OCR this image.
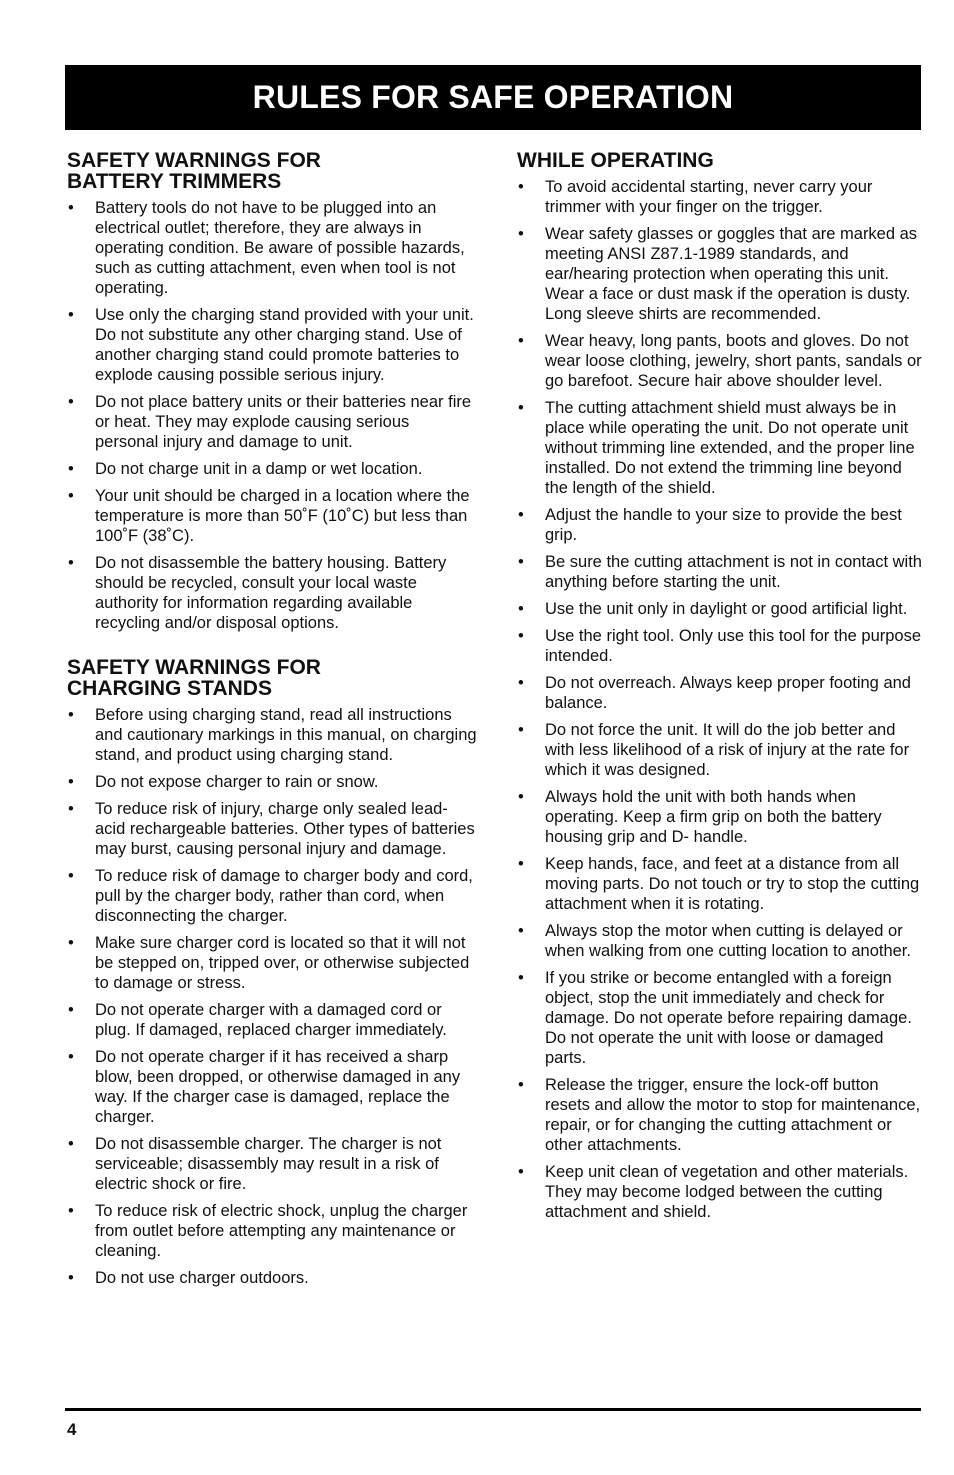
RULES FOR SAFE OPERATION
SAFETY WARNINGS FOR
BATTERY TRIMMERS
• Battery tools do not have to be plugged into an electrical outlet; therefore, they are always in operating condition. Be aware of possible hazards, such as cutting attachment, even when tool is not operating.
• Use only the charging stand provided with your unit. Do not substitute any other charging stand. Use of another charging stand could promote batteries to explode causing possible serious injury.
• Do not place battery units or their batteries near fire or heat. They may explode causing serious personal injury and damage to unit.
• Do not charge unit in a damp or wet location.
• Your unit should be charged in a location where the temperature is more than 50˚F (10˚C) but less than 100˚F (38˚C).
• Do not disassemble the battery housing. Battery should be recycled, consult your local waste authority for information regarding available recycling and/or disposal options.
SAFETY WARNINGS FOR
CHARGING STANDS
• Before using charging stand, read all instructions and cautionary markings in this manual, on charging stand, and product using charging stand.
• Do not expose charger to rain or snow.
• To reduce risk of injury, charge only sealed lead-acid rechargeable batteries. Other types of batteries may burst, causing personal injury and damage.
• To reduce risk of damage to charger body and cord, pull by the charger body, rather than cord, when disconnecting the charger.
• Make sure charger cord is located so that it will not be stepped on, tripped over, or otherwise subjected to damage or stress.
• Do not operate charger with a damaged cord or plug. If damaged, replaced charger immediately.
• Do not operate charger if it has received a sharp blow, been dropped, or otherwise damaged in any way. If the charger case is damaged, replace the charger.
• Do not disassemble charger. The charger is not serviceable; disassembly may result in a risk of electric shock or fire.
• To reduce risk of electric shock, unplug the charger from outlet before attempting any maintenance or cleaning.
• Do not use charger outdoors.
WHILE OPERATING
• To avoid accidental starting, never carry your trimmer with your finger on the trigger.
• Wear safety glasses or goggles that are marked as meeting ANSI Z87.1-1989 standards, and ear/hearing protection when operating this unit. Wear a face or dust mask if the operation is dusty. Long sleeve shirts are recommended.
• Wear heavy, long pants, boots and gloves. Do not wear loose clothing, jewelry, short pants, sandals or go barefoot. Secure hair above shoulder level.
• The cutting attachment shield must always be in place while operating the unit. Do not operate unit without trimming line extended, and the proper line installed. Do not extend the trimming line beyond the length of the shield.
• Adjust the handle to your size to provide the best grip.
• Be sure the cutting attachment is not in contact with anything before starting the unit.
• Use the unit only in daylight or good artificial light.
• Use the right tool. Only use this tool for the purpose intended.
• Do not overreach. Always keep proper footing and balance.
• Do not force the unit. It will do the job better and with less likelihood of a risk of injury at the rate for which it was designed.
• Always hold the unit with both hands when operating. Keep a firm grip on both the battery housing grip and D- handle.
• Keep hands, face, and feet at a distance from all moving parts. Do not touch or try to stop the cutting attachment when it is rotating.
• Always stop the motor when cutting is delayed or when walking from one cutting location to another.
• If you strike or become entangled with a foreign object, stop the unit immediately and check for damage. Do not operate before repairing damage. Do not operate the unit with loose or damaged parts.
• Release the trigger, ensure the lock-off button resets and allow the motor to stop for maintenance, repair, or for changing the cutting attachment or other attachments.
• Keep unit clean of vegetation and other materials. They may become lodged between the cutting attachment and shield.
4
